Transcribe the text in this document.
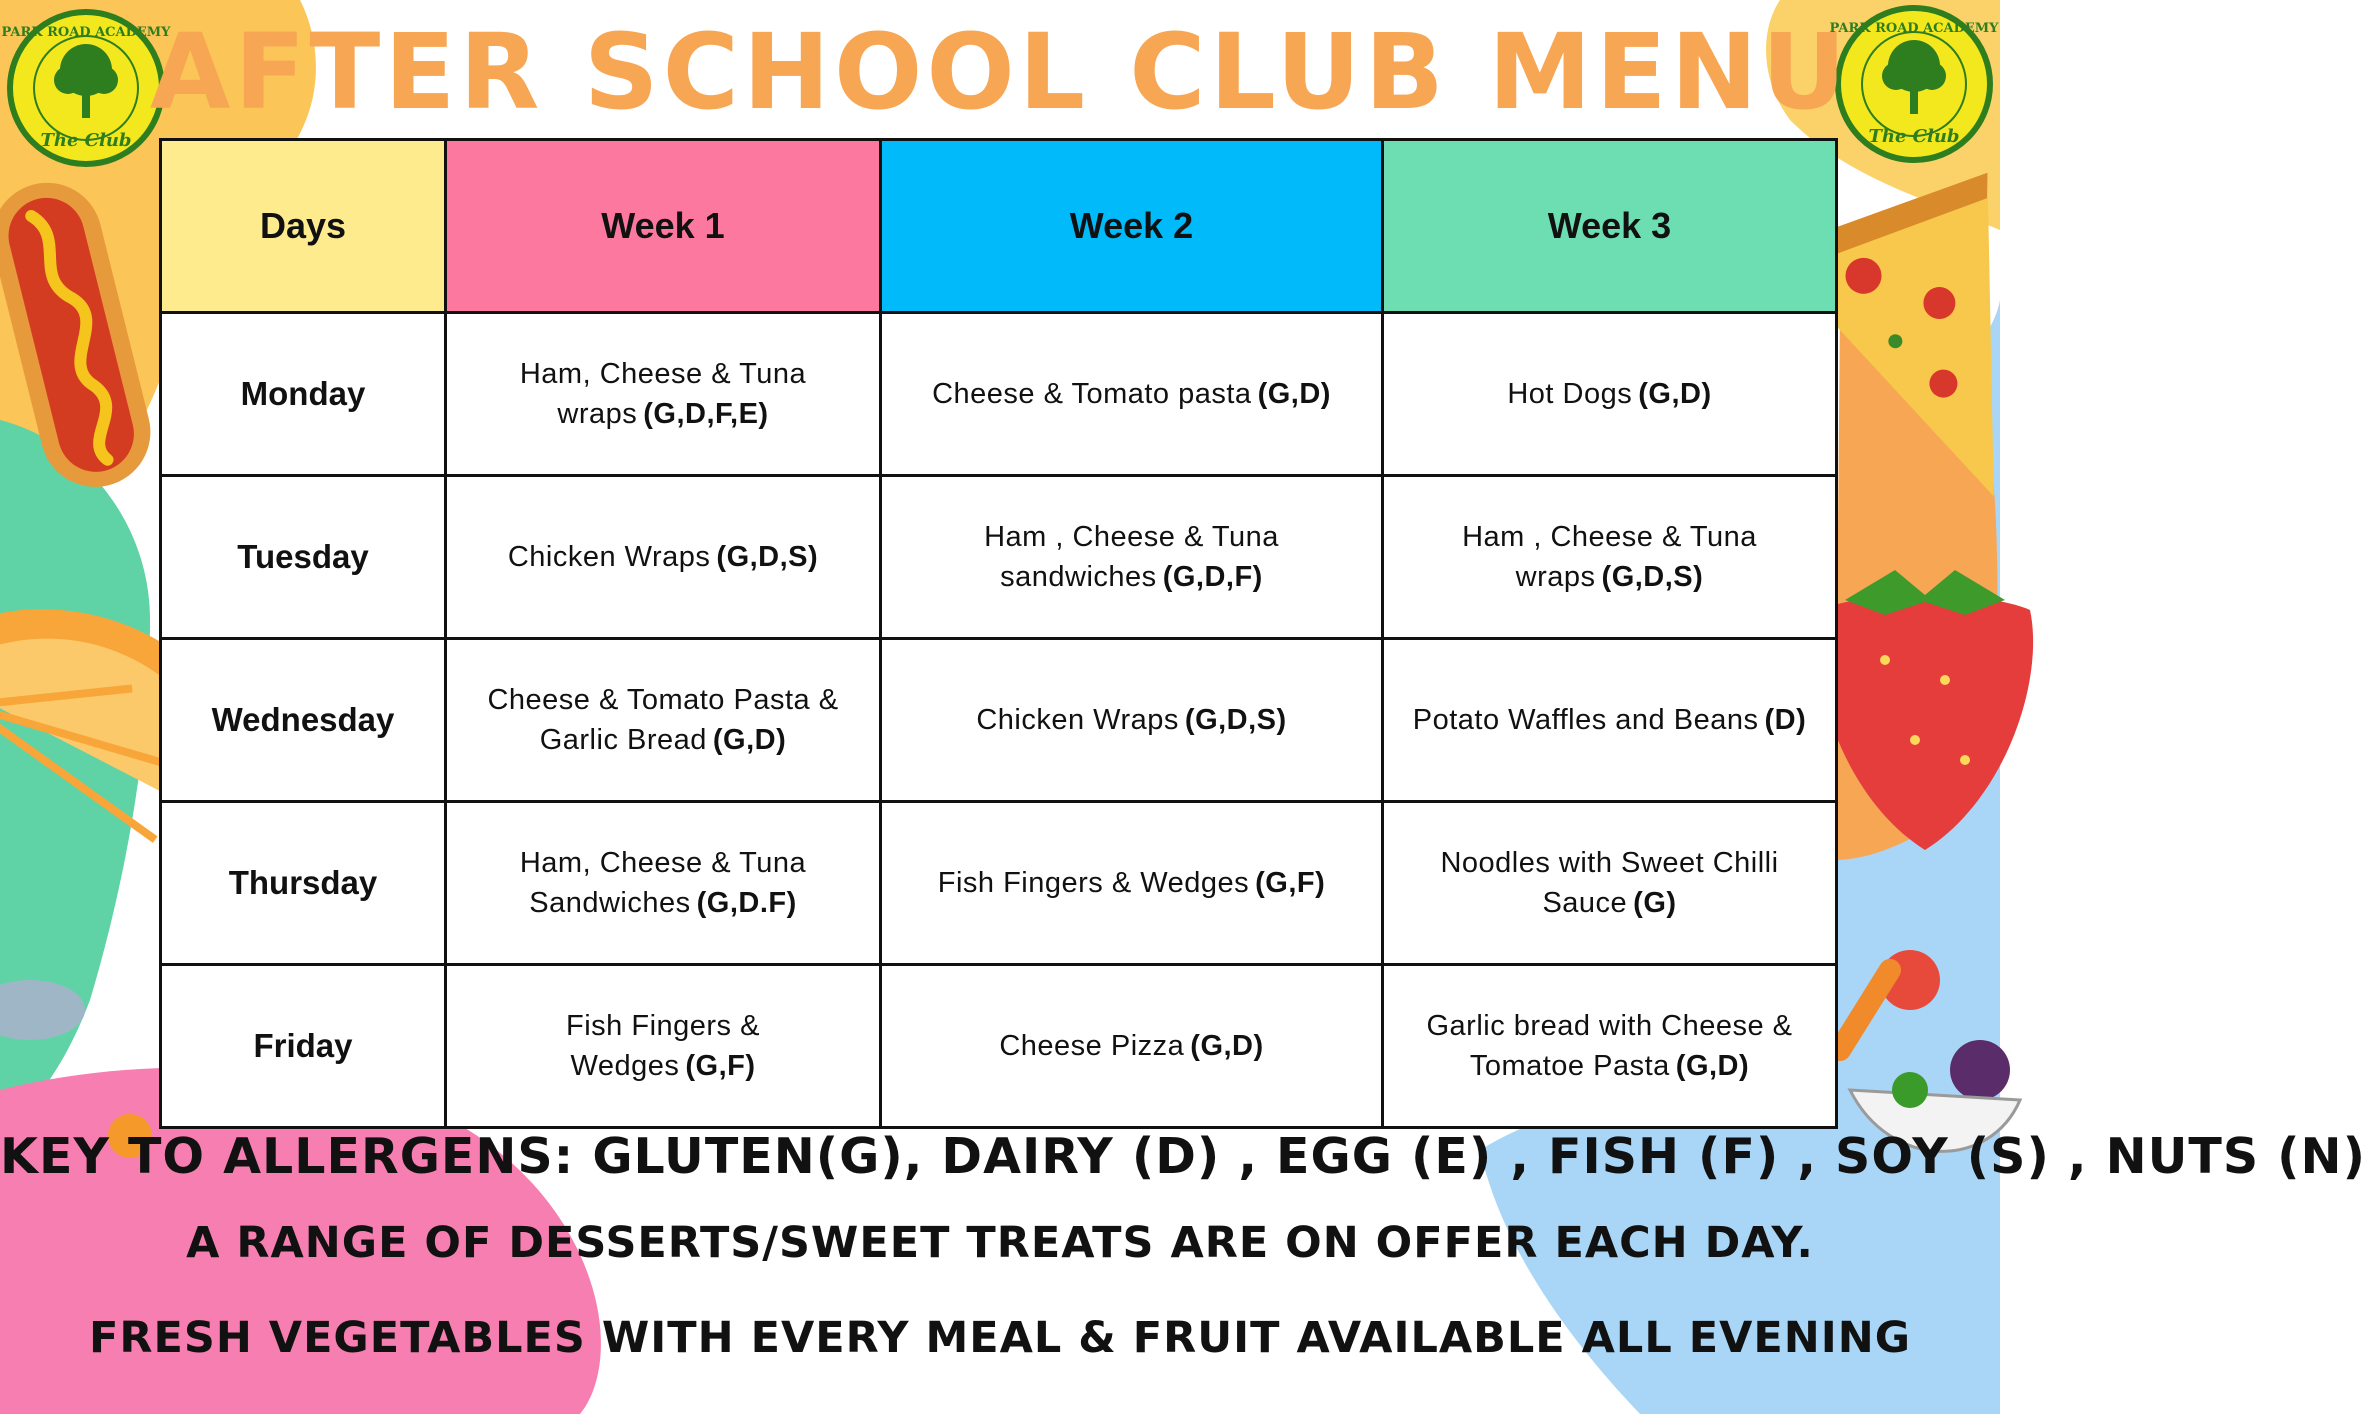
PARK ROAD ACADEMY
The Club
PARK ROAD ACADEMY
The Club
AFTER SCHOOL CLUB MENU
Days	Week 1	Week 2	Week 3
Monday	Ham, Cheese & Tuna wraps (G,D,F,E)	Cheese & Tomato pasta (G,D)	Hot Dogs (G,D)
Tuesday	Chicken Wraps (G,D,S)	Ham , Cheese & Tuna sandwiches (G,D,F)	Ham , Cheese & Tuna wraps (G,D,S)
Wednesday	Cheese & Tomato Pasta & Garlic Bread (G,D)	Chicken Wraps (G,D,S)	Potato Waffles and Beans (D)
Thursday	Ham, Cheese & Tuna Sandwiches (G,D.F)	Fish Fingers & Wedges (G,F)	Noodles with Sweet Chilli Sauce (G)
Friday	Fish Fingers & Wedges (G,F)	Cheese Pizza (G,D)	Garlic bread with Cheese & Tomatoe Pasta (G,D)
KEY TO ALLERGENS: GLUTEN(G), DAIRY (D) , EGG (E) , FISH (F) , SOY (S) , NUTS (N)
A RANGE OF DESSERTS/SWEET TREATS ARE ON OFFER EACH DAY.
FRESH VEGETABLES WITH EVERY MEAL & FRUIT AVAILABLE ALL EVENING
